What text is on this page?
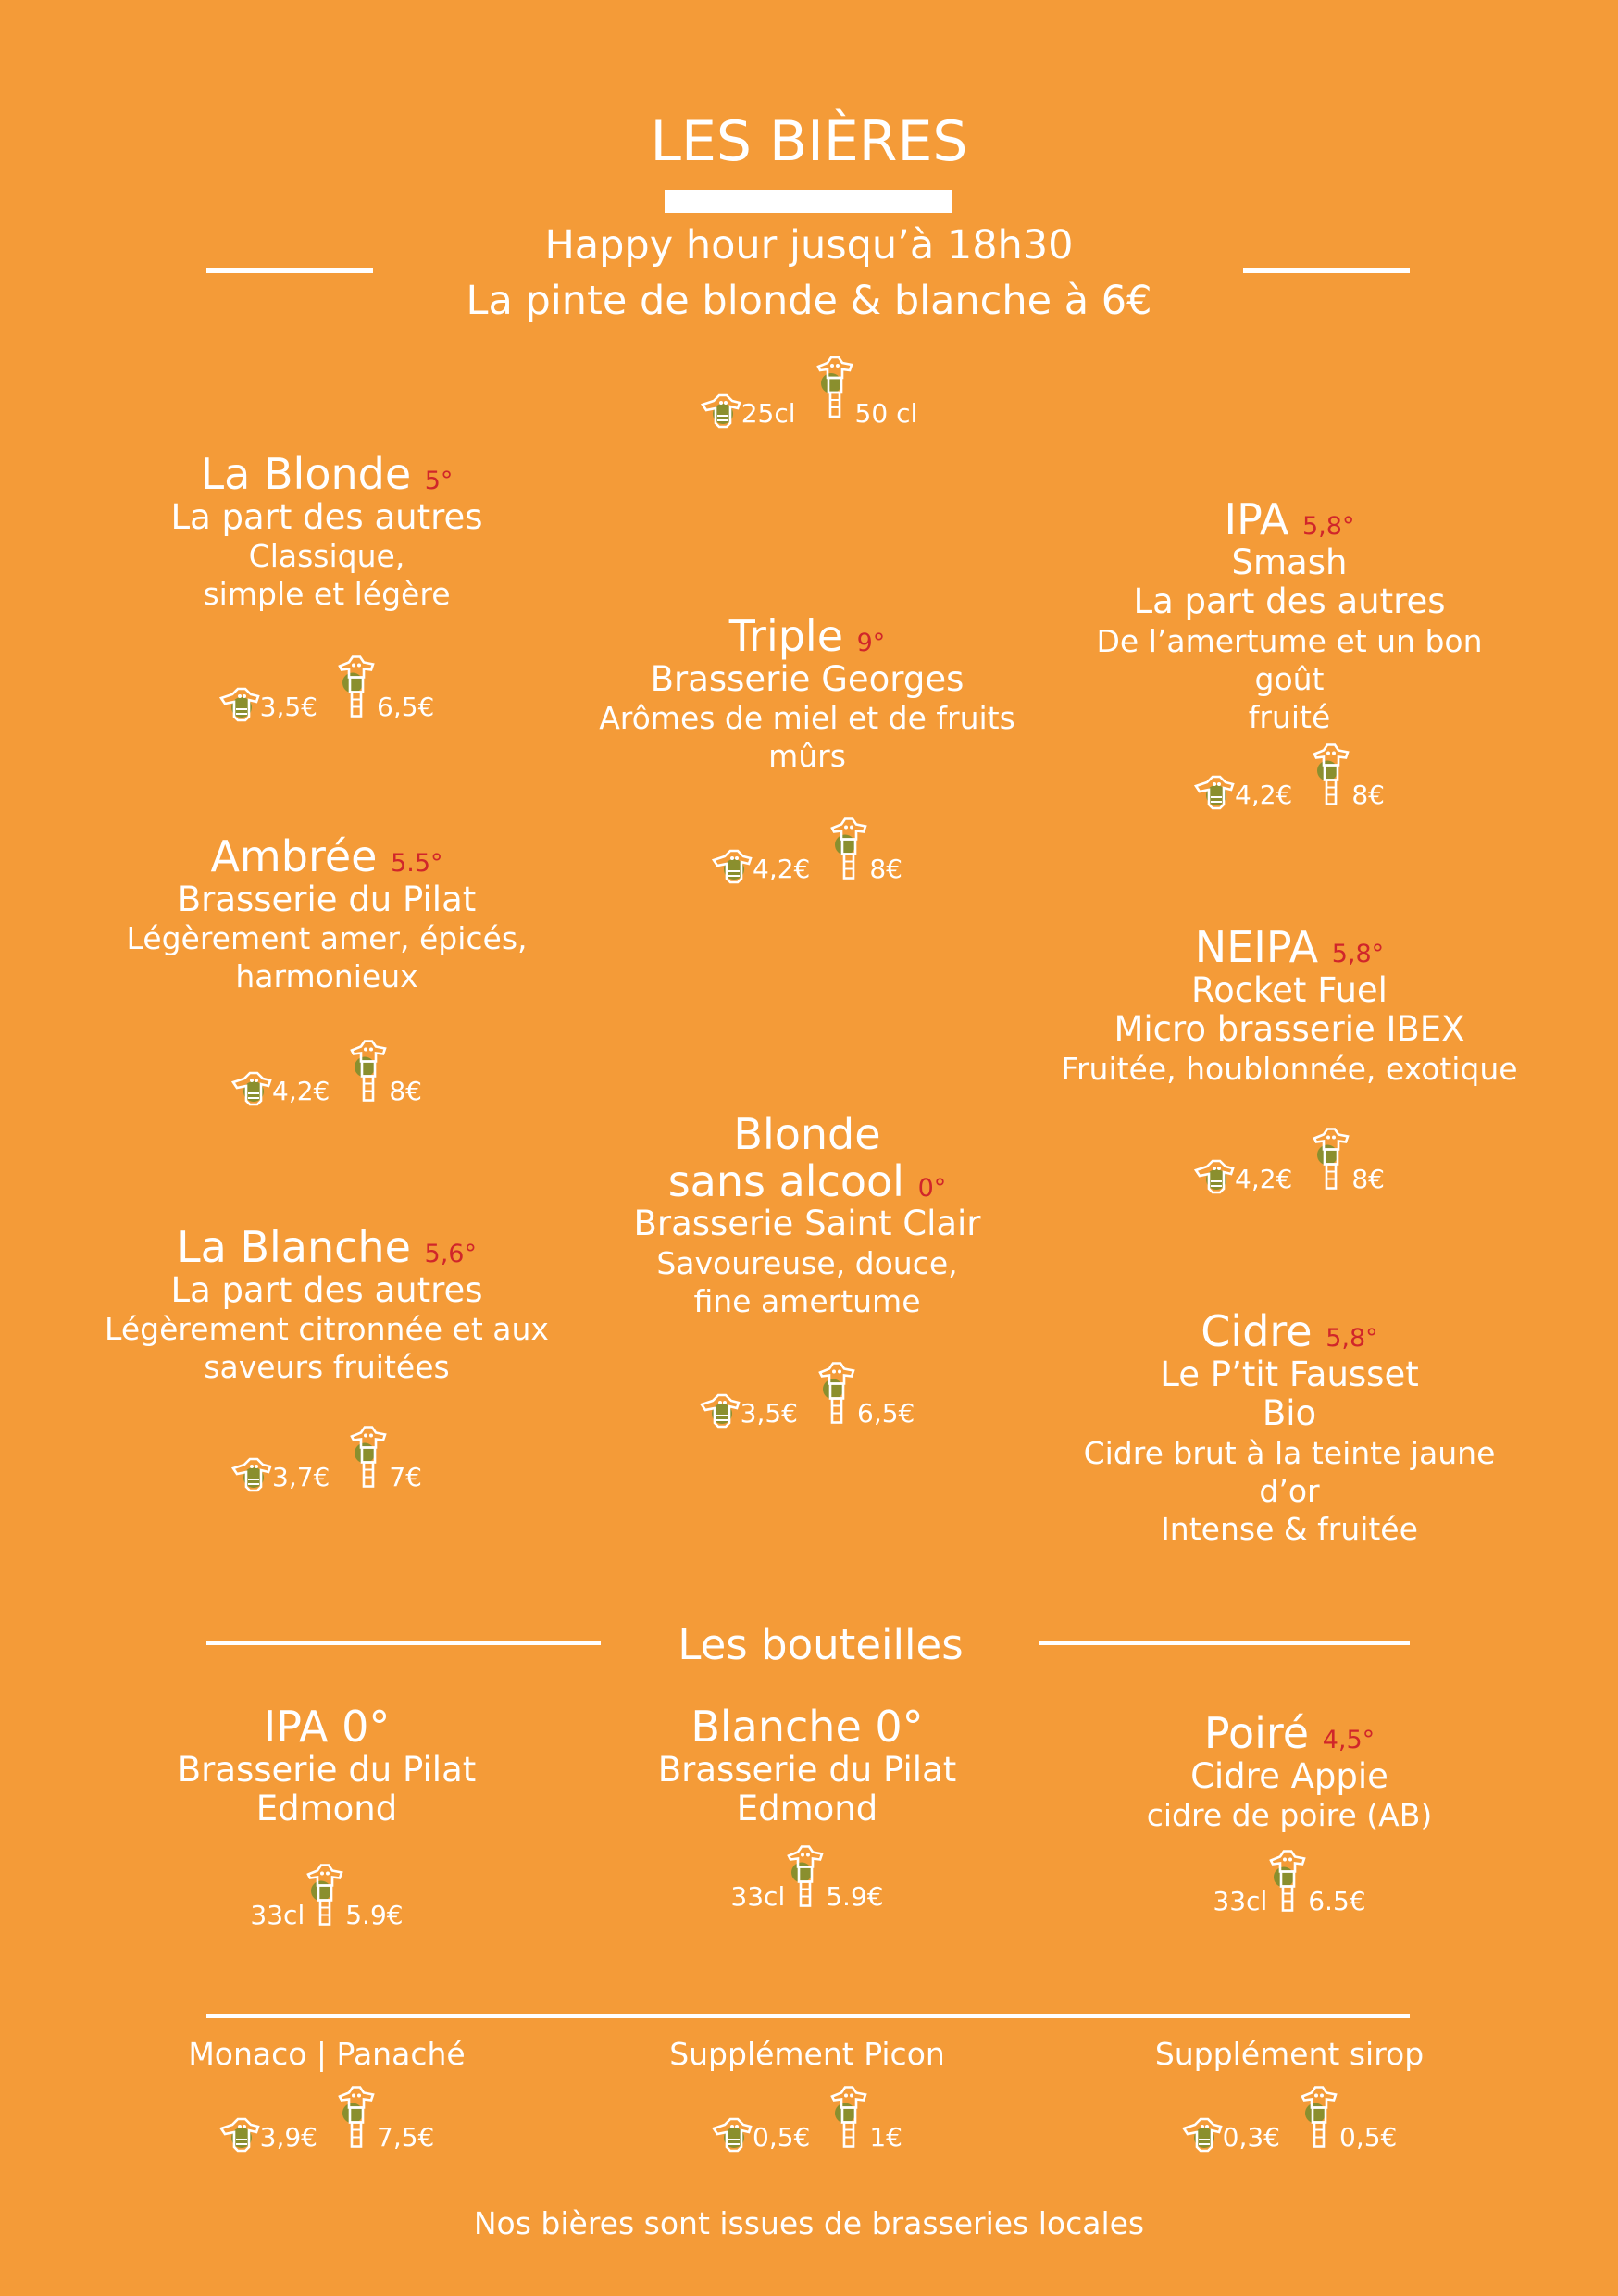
LES BIÈRES
Happy hour jusqu’à 18h30
La pinte de blonde & blanche à 6€
25cl 50 cl
La Blonde 5°
La part des autres
Classique,
simple et légère
3,5€ 6,5€
Ambrée 5.5°
Brasserie du Pilat
Légèrement amer, épicés,
harmonieux
4,2€ 8€
La Blanche 5,6°
La part des autres
Légèrement citronnée et aux
saveurs fruitées
3,7€ 7€
Triple 9°
Brasserie Georges
Arômes de miel et de fruits
mûrs
4,2€ 8€
Blonde
sans alcool 0°
Brasserie Saint Clair
Savoureuse, douce,
fine amertume
3,5€ 6,5€
IPA 5,8°
Smash
La part des autres
De l’amertume et un bon goût
fruité
4,2€ 8€
NEIPA 5,8°
Rocket Fuel
Micro brasserie IBEX
Fruitée, houblonnée, exotique
4,2€ 8€
Cidre 5,8°
Le P’tit Fausset
Bio
Cidre brut à la teinte jaune d’or
Intense & fruitée
Les bouteilles
IPA 0°
Brasserie du Pilat
Edmond
33cl 5.9€
Blanche 0°
Brasserie du Pilat
Edmond
33cl 5.9€
Poiré 4,5°
Cidre Appie
cidre de poire (AB)
33cl 6.5€
Monaco | Panaché
3,9€ 7,5€
Supplément Picon
0,5€ 1€
Supplément sirop
0,3€ 0,5€
Nos bières sont issues de brasseries locales
